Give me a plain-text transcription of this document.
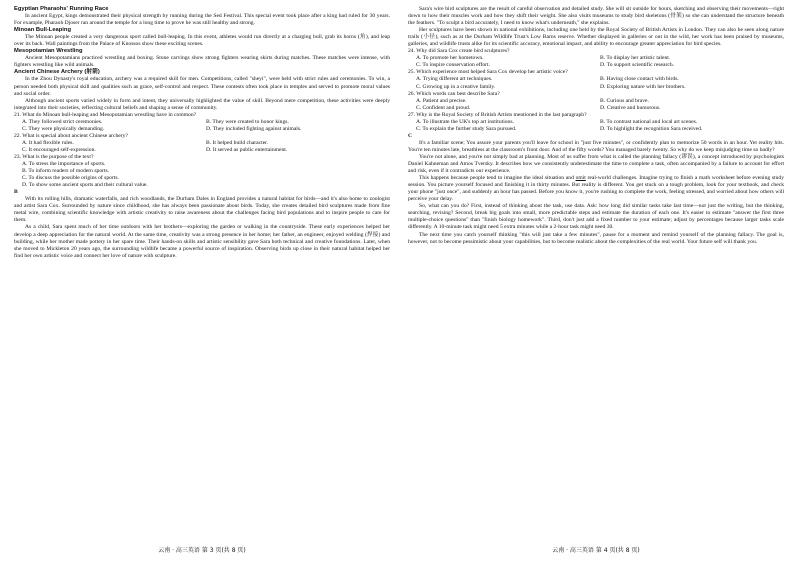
Egyptian Pharaohs' Running Race

In ancient Egypt, kings demonstrated their physical strength by running during the Sed Festival. This special event took place after a king had ruled for 30 years. For example, Pharaoh Djoser ran around the temple for a long time to prove he was still healthy and strong.

Minoan Bull-Leaping

The Minoan people created a very dangerous sport called bull-leaping. In this event, athletes would run directly at a charging bull, grab its horns (角), and leap over its back. Wall paintings from the Palace of Knossos show these exciting scenes.

Mesopotamian Wrestling

Ancient Mesopotamians practiced wrestling and boxing. Stone carvings show strong fighters wearing skirts during matches. These matches were intense, with fighters wrestling like wild animals.

Ancient Chinese Archery (射箭)

In the Zhou Dynasty's royal education, archery was a required skill for men. Competitions, called "sheyi", were held with strict rules and ceremonies. To win, a person needed both physical skill and qualities such as grace, self-control and respect. These contests often took place in temples and served to promote moral values and social order.

Although ancient sports varied widely in form and intent, they universally highlighted the value of skill. Beyond mere competition, these activities were deeply integrated into their societies, reflecting cultural beliefs and shaping a sense of community.

21. What do Minoan bull-leaping and Mesopotamian wrestling have in common?

A. They followed strict ceremonies.	B. They were created to honor kings.
C. They were physically demanding.	D. They included fighting against animals.

22. What is special about ancient Chinese archery?

A. It had flexible rules.	B. It helped build character.
C. It encouraged self-expression.	D. It served as public entertainment.

23. What is the purpose of the text?

A. To stress the importance of sports.
B. To inform readers of modern sports.
C. To discuss the possible origins of sports.
D. To show some ancient sports and their cultural value.

B

With its rolling hills, dramatic waterfalls, and rich woodlands, the Durham Dales in England provides a natural habitat for birds—and it's also home to zoologist and artist Sara Cox. Surrounded by nature since childhood, she has always been passionate about birds. Today, she creates detailed bird sculptures made from fine metal wire, combining scientific knowledge with artistic creativity to raise awareness about the challenges facing bird populations and to inspire people to care for them.

As a child, Sara spent much of her time outdoors with her brothers—exploring the garden or walking in the countryside. These early experiences helped her develop a deep appreciation for the natural world. At the same time, creativity was a strong presence in her home; her father, an engineer, enjoyed welding (焊接) and building, while her mother made pottery in her spare time. Their hands-on skills and artistic sensibility gave Sara both technical and creative foundations. Later, when she moved to Mickleton 20 years ago, the surrounding wildlife became a powerful source of inspiration. Observing birds up close in their natural habitat helped her find her own artistic voice and connect her love of nature with sculpture.

云南 · 高三英语 第 3 页(共 8 页)

Sara's wire bird sculptures are the result of careful observation and detailed study. She will sit outside for hours, sketching and observing their movements—right down to how their muscles work and how they shift their weight. She also visits museums to study bird skeletons (骨架) so she can understand the structure beneath the feathers. "To sculpt a bird accurately, I need to know what's underneath," she explains.

Her sculptures have been shown in national exhibitions, including one held by the Royal Society of British Artists in London. They can also be seen along nature trails (小径), such as at the Durham Wildlife Trust's Low Barns reserve. Whether displayed in galleries or out in the wild, her work has been praised by museums, galleries, and wildlife trusts alike for its scientific accuracy, emotional impact, and ability to encourage greater appreciation for bird species.

24. Why did Sara Cox create bird sculptures?

A. To promote her hometown.	B. To display her artistic talent.
C. To inspire conservation effort.	D. To support scientific research.

25. Which experience most helped Sara Cox develop her artistic voice?

A. Trying different art techniques.	B. Having close contact with birds.
C. Growing up in a creative family.	D. Exploring nature with her brothers.

26. Which words can best describe Sara?

A. Patient and precise.	B. Curious and brave.
C. Confident and proud.	D. Creative and humorous.

27. Why is the Royal Society of British Artists mentioned in the last paragraph?

A. To illustrate the UK's top art institutions.	B. To contrast national and local art scenes.
C. To explain the further study Sara pursued.	D. To highlight the recognition Sara received.

C

It's a familiar scene; You assure your parents you'll leave for school in "just five minutes", or confidently plan to memorize 50 words in an hour. Yet reality hits. You're ten minutes late, breathless at the classroom's front door. And of the fifty words? You managed barely twenty. So why do we keep misjudging time so badly?

You're not alone, and you're not simply bad at planning. Most of us suffer from what is called the planning fallacy (谬误), a concept introduced by psychologists Daniel Kahneman and Amos Tversky. It describes how we consistently underestimate the time to complete a task, often accompanied by a failure to account for effort and risk, even if it contradicts our experience.

This happens because people tend to imagine the ideal situation and omit real-world challenges. Imagine trying to finish a math worksheet before evening study session. You picture yourself focused and finishing it in thirty minutes. But reality is different. You get stuck on a tough problem, look for your textbook, and check your phone "just once", and suddenly an hour has passed. Before you know it, you're rushing to complete the work, feeling stressed, and worried about how others will perceive your delay.

So, what can you do? First, instead of thinking about the task, use data. Ask: how long did similar tasks take last time—not just the writing, but the thinking, searching, revising? Second, break big goals into small, more predictable steps and estimate the duration of each one. It's easier to estimate "answer the first three multiple-choice questions" than "finish biology homework". Third, don't just add a fixed number to your estimate; adjust by percentages because larger tasks scale differently. A 10-minute task might need 5 extra minutes while a 2-hour task might need 30.

The next time you catch yourself thinking "this will just take a few minutes", pause for a moment and remind yourself of the planning fallacy. The goal is, however, not to become pessimistic about your capabilities, but to become realistic about the complexities of the real world. Your future self will thank you.

云南 · 高三英语 第 4 页(共 8 页)
